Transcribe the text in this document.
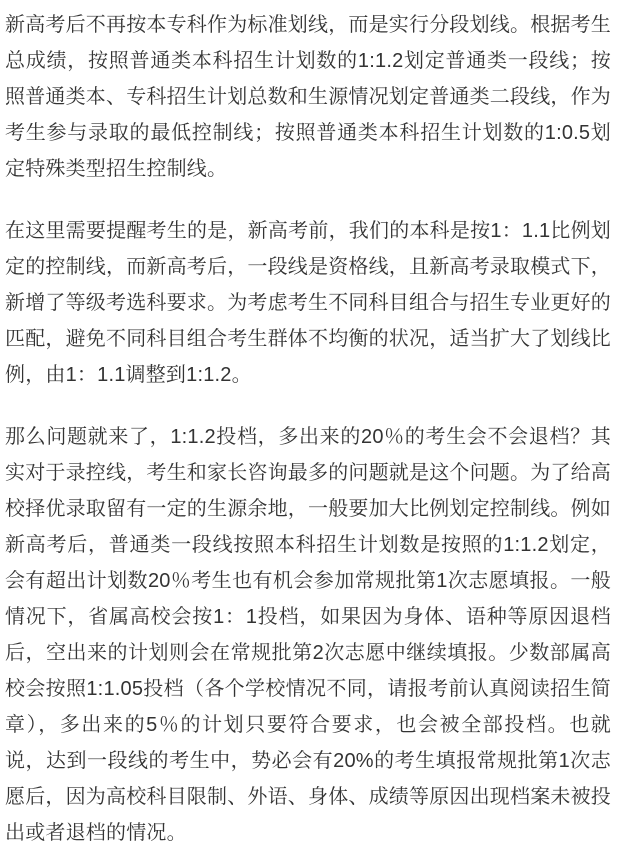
新高考后不再按本专科作为标准划线，而是实行分段划线。根据考生总成绩，按照普通类本科招生计划数的1:1.2划定普通类一段线；按照普通类本、专科招生计划总数和生源情况划定普通类二段线，作为考生参与录取的最低控制线；按照普通类本科招生计划数的1:0.5划定特殊类型招生控制线。

在这里需要提醒考生的是，新高考前，我们的本科是按1：1.1比例划定的控制线，而新高考后，一段线是资格线，且新高考录取模式下，新增了等级考选科要求。为考虑考生不同科目组合与招生专业更好的匹配，避免不同科目组合考生群体不均衡的状况，适当扩大了划线比例，由1：1.1调整到1:1.2。

那么问题就来了，1:1.2投档，多出来的20％的考生会不会退档？其实对于录控线，考生和家长咨询最多的问题就是这个问题。为了给高校择优录取留有一定的生源余地，一般要加大比例划定控制线。例如新高考后，普通类一段线按照本科招生计划数是按照的1:1.2划定，会有超出计划数20％考生也有机会参加常规批第1次志愿填报。一般情况下，省属高校会按1：1投档，如果因为身体、语种等原因退档后，空出来的计划则会在常规批第2次志愿中继续填报。少数部属高校会按照1:1.05投档（各个学校情况不同，请报考前认真阅读招生简章），多出来的5％的计划只要符合要求，也会被全部投档。也就说，达到一段线的考生中，势必会有20%的考生填报常规批第1次志愿后，因为高校科目限制、外语、身体、成绩等原因出现档案未被投出或者退档的情况。
